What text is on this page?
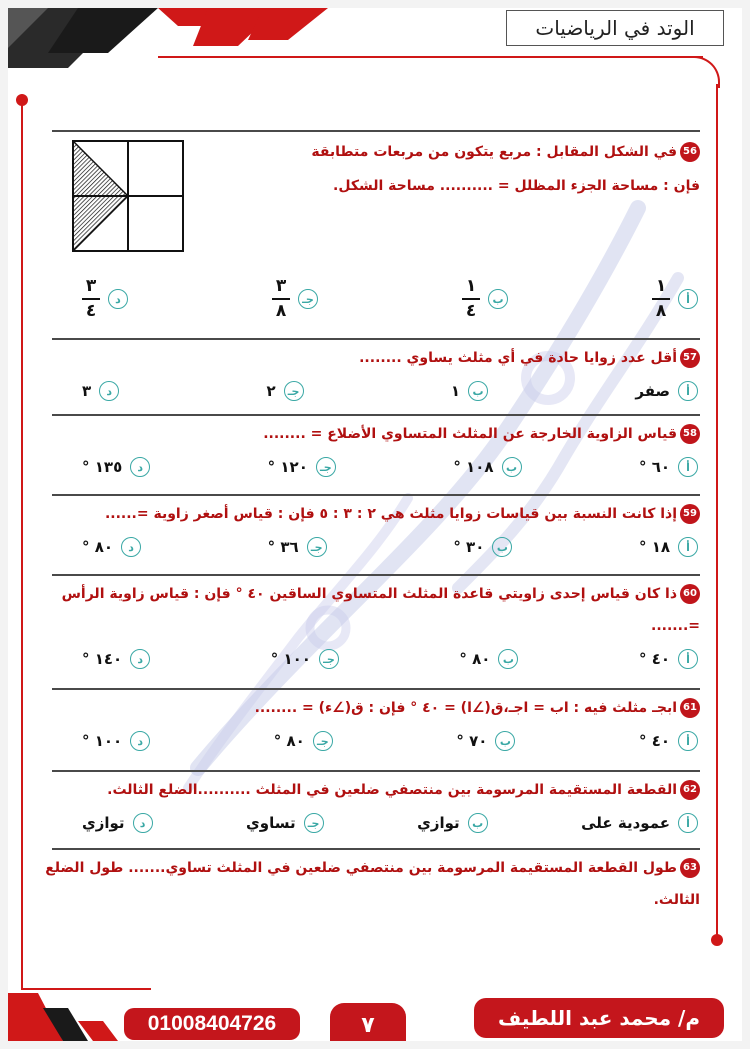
الوتد في الرياضيات
56في الشكل المقابل : مربع يتكون من مربعات متطابقة
فإن : مساحة الجزء المظلل = .......... مساحة الشكل.
أ
$\frac{١}{٨}$
ب
$\frac{١}{٤}$
جـ
$\frac{٣}{٨}$
د
$\frac{٣}{٤}$
57أقل عدد زوايا حادة في أي مثلث يساوي ........
أ
صفر
ب
١
جـ
٢
د
٣
58قياس الزاوية الخارجة عن المثلث المتساوي الأضلاع = ........
أ
٦٠ °
ب
١٠٨ °
جـ
١٢٠ °
د
١٣٥ °
59إذا كانت النسبة بين قياسات زوايا مثلث هي ٢ : ٣ : ٥ فإن : قياس أصغر زاوية =......
أ
١٨ °
ب
٣٠ °
جـ
٣٦ °
د
٨٠ °
60ذا كان قياس إحدى زاويتي قاعدة المثلث المتساوي الساقين ٤٠ ° فإن : قياس زاوية الرأس
=.......
أ
٤٠ °
ب
٨٠ °
جـ
١٠٠ °
د
١٤٠ °
61ابجـ مثلث فيه : اب = اجـ،ق(∠ا) = ٤٠ ° فإن : ق(∠ء) = ........
أ
٤٠ °
ب
٧٠ °
جـ
٨٠ °
د
١٠٠ °
62القطعة المستقيمة المرسومة بين منتصفي ضلعين في المثلث ..........الضلع الثالث.
أ
عمودية على
ب
توازي
جـ
تساوي
د
توازي
63طول القطعة المستقيمة المرسومة بين منتصفي ضلعين في المثلث تساوي....... طول الضلع
الثالث.
01008404726	٧	م/ محمد عبد اللطيف
